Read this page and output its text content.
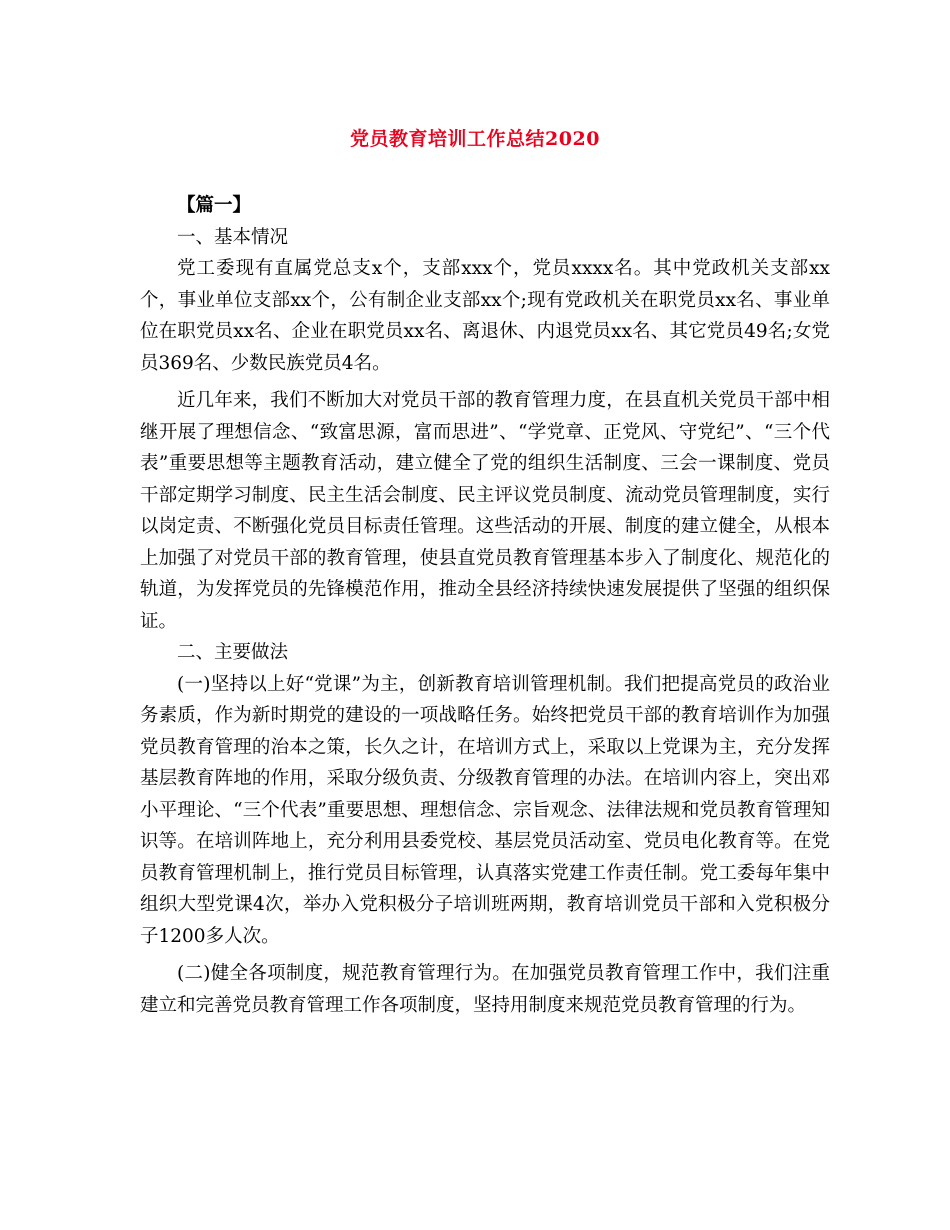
党员教育培训工作总结2020

【篇一】

一、基本情况

党工委现有直属党总支x个，支部xxx个，党员xxxx名。其中党政机关支部xx个，事业单位支部xx个，公有制企业支部xx个;现有党政机关在职党员xx名、事业单位在职党员xx名、企业在职党员xx名、离退休、内退党员xx名、其它党员49名;女党员369名、少数民族党员4名。

近几年来，我们不断加大对党员干部的教育管理力度，在县直机关党员干部中相继开展了理想信念、“致富思源，富而思进”、“学党章、正党风、守党纪”、“三个代表”重要思想等主题教育活动，建立健全了党的组织生活制度、三会一课制度、党员干部定期学习制度、民主生活会制度、民主评议党员制度、流动党员管理制度，实行以岗定责、不断强化党员目标责任管理。这些活动的开展、制度的建立健全，从根本上加强了对党员干部的教育管理，使县直党员教育管理基本步入了制度化、规范化的轨道，为发挥党员的先锋模范作用，推动全县经济持续快速发展提供了坚强的组织保证。

二、主要做法

(一)坚持以上好“党课”为主，创新教育培训管理机制。我们把提高党员的政治业务素质，作为新时期党的建设的一项战略任务。始终把党员干部的教育培训作为加强党员教育管理的治本之策，长久之计，在培训方式上，采取以上党课为主，充分发挥基层教育阵地的作用，采取分级负责、分级教育管理的办法。在培训内容上，突出邓小平理论、“三个代表”重要思想、理想信念、宗旨观念、法律法规和党员教育管理知识等。在培训阵地上，充分利用县委党校、基层党员活动室、党员电化教育等。在党员教育管理机制上，推行党员目标管理，认真落实党建工作责任制。党工委每年集中组织大型党课4次，举办入党积极分子培训班两期，教育培训党员干部和入党积极分子1200多人次。

(二)健全各项制度，规范教育管理行为。在加强党员教育管理工作中，我们注重建立和完善党员教育管理工作各项制度，坚持用制度来规范党员教育管理的行为。
